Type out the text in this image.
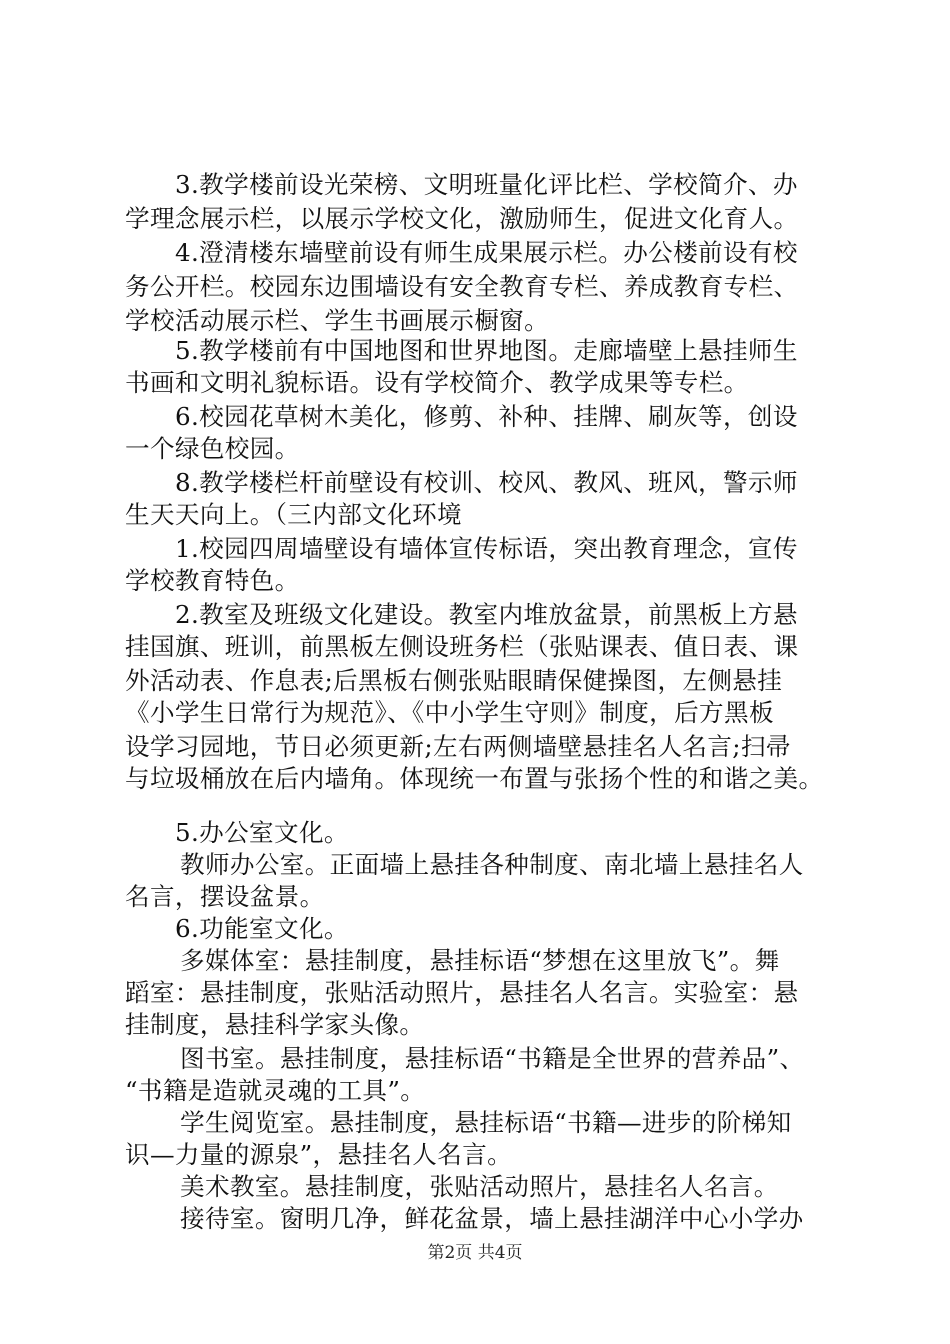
3.教学楼前设光荣榜、文明班量化评比栏、学校简介、办
学理念展示栏，以展示学校文化，激励师生，促进文化育人。
4.澄清楼东墙壁前设有师生成果展示栏。办公楼前设有校
务公开栏。校园东边围墙设有安全教育专栏、养成教育专栏、
学校活动展示栏、学生书画展示橱窗。
5.教学楼前有中国地图和世界地图。走廊墙壁上悬挂师生
书画和文明礼貌标语。设有学校简介、教学成果等专栏。
6.校园花草树木美化，修剪、补种、挂牌、刷灰等，创设
一个绿色校园。
8.教学楼栏杆前壁设有校训、校风、教风、班风，警示师
生天天向上。（三内部文化环境
1.校园四周墙壁设有墙体宣传标语，突出教育理念，宣传
学校教育特色。
2.教室及班级文化建设。教室内堆放盆景，前黑板上方悬
挂国旗、班训，前黑板左侧设班务栏（张贴课表、值日表、课
外活动表、作息表;后黑板右侧张贴眼睛保健操图，左侧悬挂
《小学生日常行为规范》、《中小学生守则》制度，后方黑板
设学习园地，节日必须更新;左右两侧墙壁悬挂名人名言;扫帚
与垃圾桶放在后内墙角。体现统一布置与张扬个性的和谐之美。
5.办公室文化。
教师办公室。正面墙上悬挂各种制度、南北墙上悬挂名人
名言，摆设盆景。
6.功能室文化。
多媒体室：悬挂制度，悬挂标语“梦想在这里放飞”。舞
蹈室：悬挂制度，张贴活动照片，悬挂名人名言。实验室：悬
挂制度，悬挂科学家头像。
图书室。悬挂制度，悬挂标语“书籍是全世界的营养品”、
“书籍是造就灵魂的工具”。
学生阅览室。悬挂制度，悬挂标语“书籍—进步的阶梯知
识—力量的源泉”，悬挂名人名言。
美术教室。悬挂制度，张贴活动照片，悬挂名人名言。
接待室。窗明几净，鲜花盆景，墙上悬挂湖洋中心小学办
第2页 共4页
